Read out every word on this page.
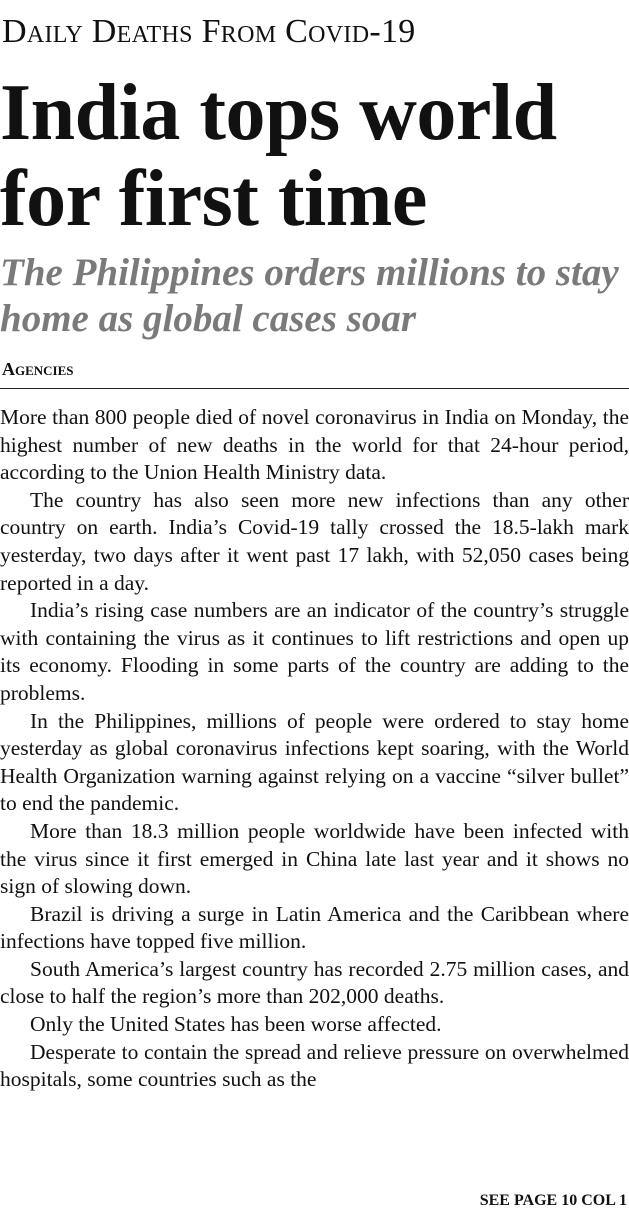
Daily Deaths From Covid-19
India tops world for first time
The Philippines orders millions to stay home as global cases soar
Agencies

More than 800 people died of novel coronavirus in India on Monday, the highest number of new deaths in the world for that 24-hour period, according to the Union Health Ministry data.

The country has also seen more new infections than any other country on earth. India’s Covid-19 tally crossed the 18.5-lakh mark yesterday, two days after it went past 17 lakh, with 52,050 cases being reported in a day.

India’s rising case numbers are an indicator of the country’s struggle with containing the virus as it continues to lift restrictions and open up its economy. Flooding in some parts of the country are adding to the problems.

In the Philippines, millions of people were ordered to stay home yesterday as global coronavirus infections kept soaring, with the World Health Organization warning against relying on a vaccine “silver bullet” to end the pandemic.

More than 18.3 million people worldwide have been infected with the virus since it first emerged in China late last year and it shows no sign of slowing down.

Brazil is driving a surge in Latin America and the Caribbean where infections have topped five million.

South America’s largest country has recorded 2.75 million cases, and close to half the region’s more than 202,000 deaths.

Only the United States has been worse affected.

Desperate to contain the spread and relieve pressure on overwhelmed hospitals, some countries such as the

SEE PAGE 10 COL 1
